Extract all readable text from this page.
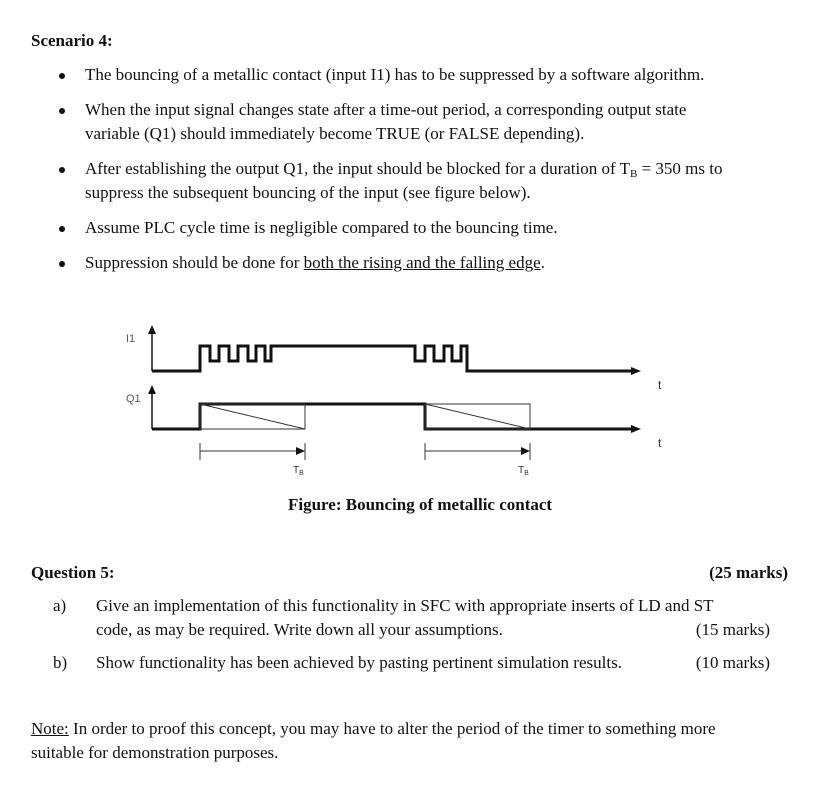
Scenario 4:
The bouncing of a metallic contact (input I1) has to be suppressed by a software algorithm.
When the input signal changes state after a time-out period, a corresponding output state
variable (Q1) should immediately become TRUE (or FALSE depending).
After establishing the output Q1, the input should be blocked for a duration of $T_B = 350$ ms to
suppress the subsequent bouncing of the input (see figure below).
Assume PLC cycle time is negligible compared to the bouncing time.
Suppression should be done for both the rising and the falling edge.
I1
t
Q1
t
$T_B$	$T_B$
Figure: Bouncing of metallic contact
Question 5:	(25 marks)
a) Give an implementation of this functionality in SFC with appropriate inserts of LD and ST
code, as may be required. Write down all your assumptions.	(15 marks)
b) Show functionality has been achieved by pasting pertinent simulation results.	(10 marks)
Note: In order to proof this concept, you may have to alter the period of the timer to something more
suitable for demonstration purposes.
